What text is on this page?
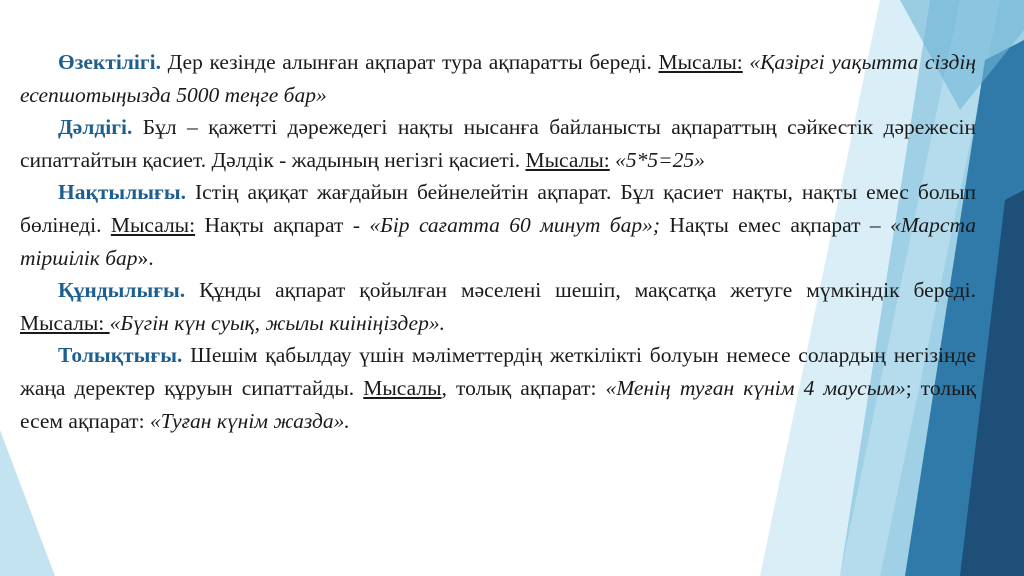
Өзектілігі. Дер кезінде алынған ақпарат тура ақпаратты береді. Мысалы: «Қазіргі уақытта сіздің есепшотыңызда 5000 теңге бар»

Дәлдігі. Бұл – қажетті дәрежедегі нақты нысанға байланысты ақпараттың сәйкестік дәрежесін сипаттайтын қасиет. Дәлдік - жадының негізгі қасиеті. Мысалы: «5*5=25»

Нақтылығы. Істің ақиқат жағдайын бейнелейтін ақпарат. Бұл қасиет нақты, нақты емес болып бөлінеді. Мысалы: Нақты ақпарат - «Бір сағатта 60 минут бар»; Нақты емес ақпарат – «Марста тіршілік бар».

Құндылығы. Құнды ақпарат қойылған мәселені шешіп, мақсатқа жетуге мүмкіндік береді. Мысалы: «Бүгін күн суық, жылы киініңіздер».

Толықтығы. Шешім қабылдау үшін мәліметтердің жеткілікті болуын немесе солардың негізінде жаңа деректер құруын сипаттайды. Мысалы, толық ақпарат: «Менің туған күнім 4 маусым»; толық есем ақпарат: «Туған күнім жазда».
